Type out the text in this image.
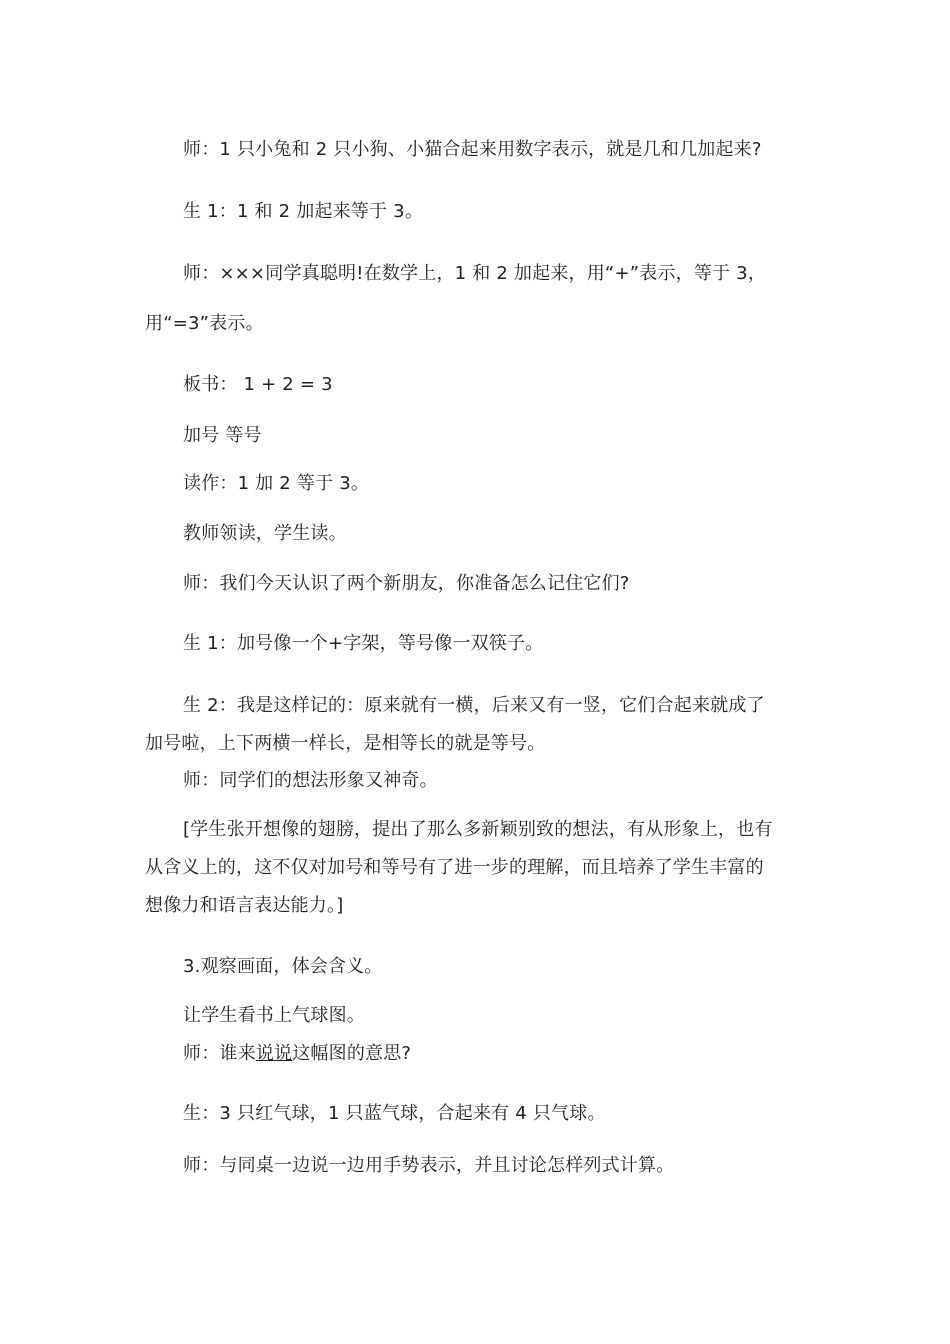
师：1 只小兔和 2 只小狗、小猫合起来用数字表示，就是几和几加起来?
生 1：1 和 2 加起来等于 3。
师：×××同学真聪明!在数学上，1 和 2 加起来，用“+”表示，等于 3，
用“=3”表示。
板书： 1 + 2 = 3
加号 等号
读作：1 加 2 等于 3。
教师领读，学生读。
师：我们今天认识了两个新朋友，你准备怎么记住它们?
生 1：加号像一个+字架，等号像一双筷子。
生 2：我是这样记的：原来就有一横，后来又有一竖，它们合起来就成了
加号啦，上下两横一样长，是相等长的就是等号。
师：同学们的想法形象又神奇。
[学生张开想像的翅膀，提出了那么多新颖别致的想法，有从形象上，也有
从含义上的，这不仅对加号和等号有了进一步的理解，而且培养了学生丰富的
想像力和语言表达能力。]
3.观察画面，体会含义。
让学生看书上气球图。
师：谁来说说这幅图的意思?
生：3 只红气球，1 只蓝气球，合起来有 4 只气球。
师：与同桌一边说一边用手势表示，并且讨论怎样列式计算。
